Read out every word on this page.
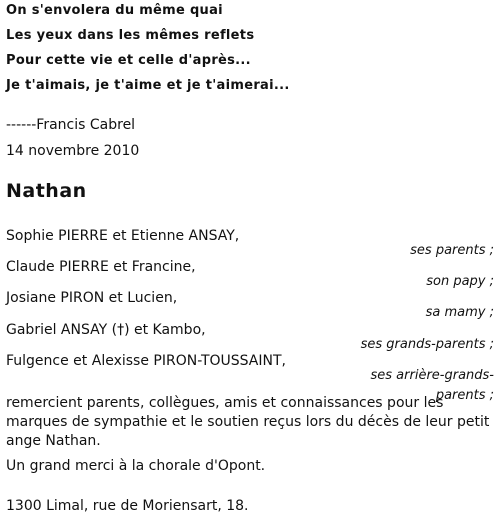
On s'envolera du même quai
Les yeux dans les mêmes reflets
Pour cette vie et celle d'après...
Je t'aimais, je t'aime et je t'aimerai...
------Francis Cabrel
14 novembre 2010
Nathan
Sophie PIERRE et Etienne ANSAY,
ses parents ;
Claude PIERRE et Francine,
son papy ;
Josiane PIRON et Lucien,
sa mamy ;
Gabriel ANSAY (†) et Kambo,
ses grands-parents ;
Fulgence et Alexisse PIRON-TOUSSAINT,
ses arrière-grands-parents ;
remercient parents, collègues, amis et connaissances pour les marques de sympathie et le soutien reçus lors du décès de leur petit ange Nathan.
Un grand merci à la chorale d'Opont.
1300 Limal, rue de Moriensart, 18.
